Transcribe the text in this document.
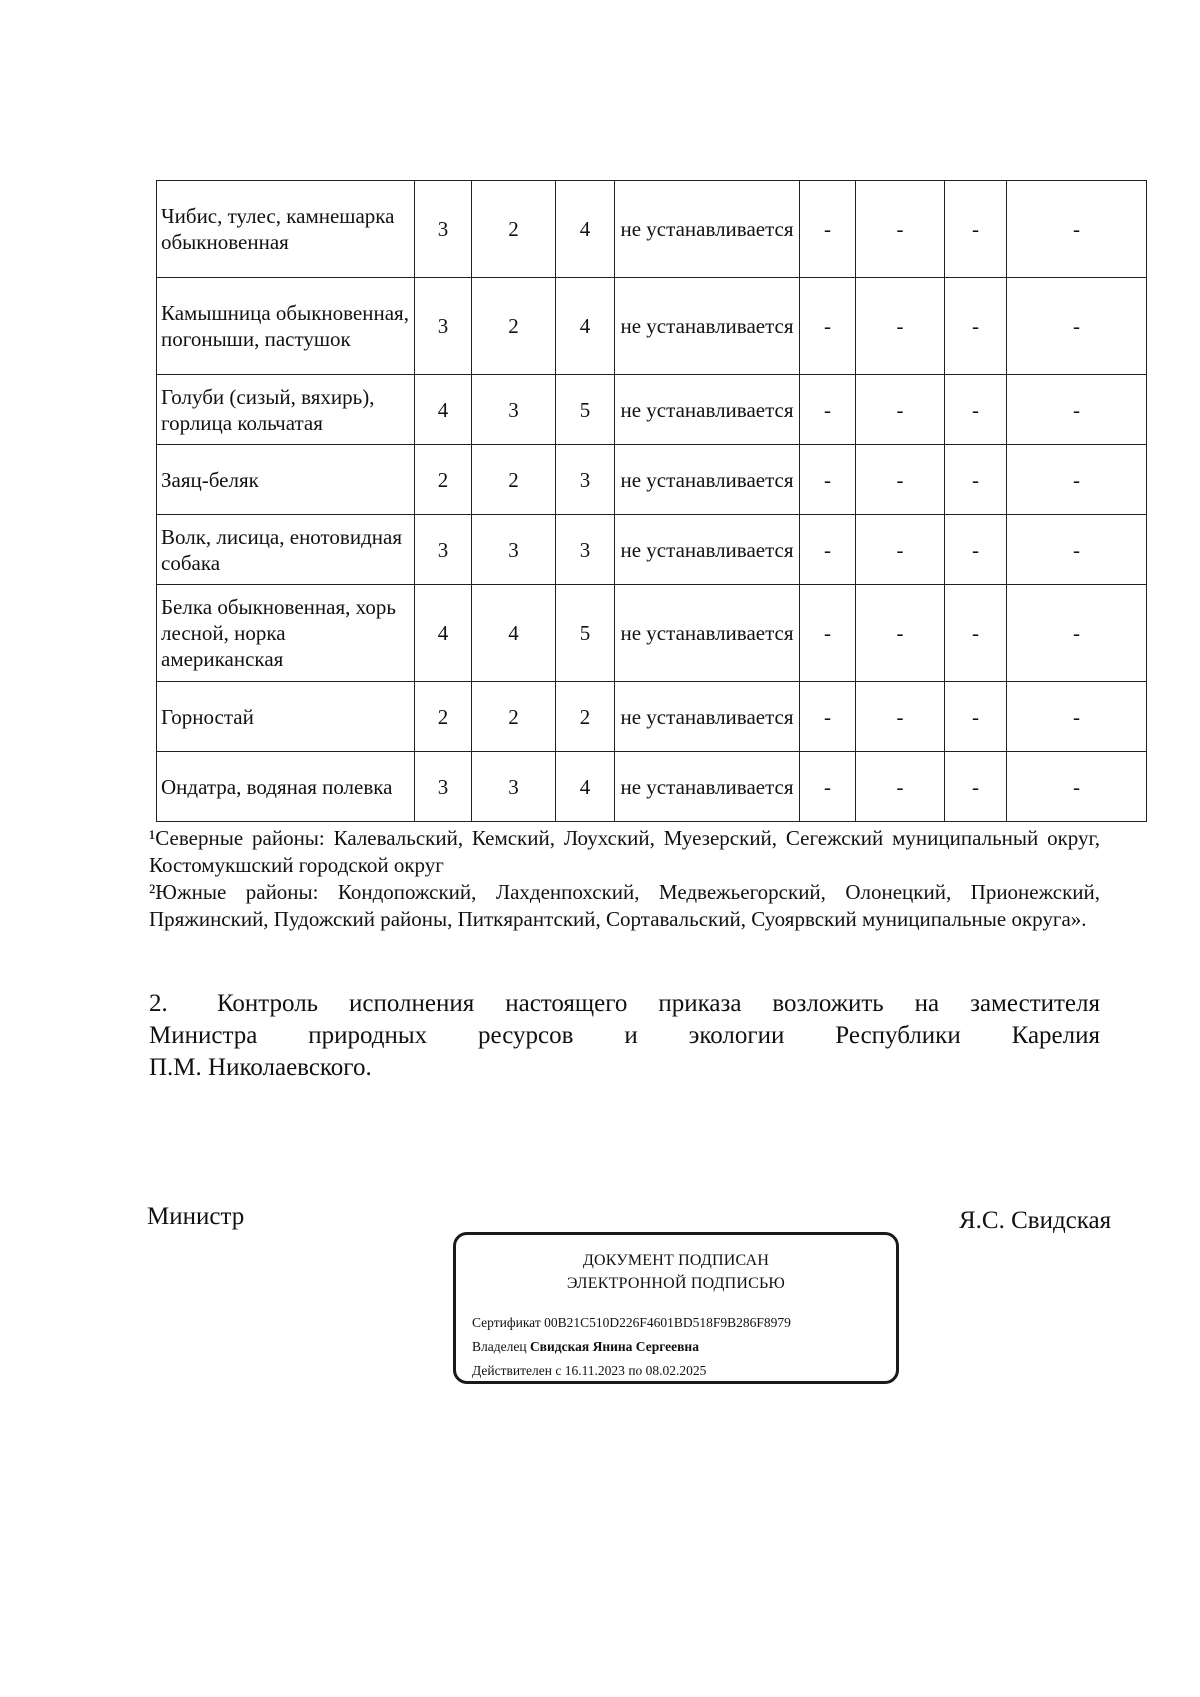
Чибис, тулес, камнешарка обыкновенная	3	2	4	не устанавливается	-	-	-	-
Камышница обыкновенная, погоныши, пастушок	3	2	4	не устанавливается	-	-	-	-
Голуби (сизый, вяхирь), горлица кольчатая	4	3	5	не устанавливается	-	-	-	-
Заяц-беляк	2	2	3	не устанавливается	-	-	-	-
Волк, лисица, енотовидная собака	3	3	3	не устанавливается	-	-	-	-
Белка обыкновенная, хорь лесной, норка американская	4	4	5	не устанавливается	-	-	-	-
Горностай	2	2	2	не устанавливается	-	-	-	-
Ондатра, водяная полевка	3	3	4	не устанавливается	-	-	-	-

¹Северные районы: Калевальский, Кемский, Лоухский, Муезерский, Сегежский муниципальный округ, Костомукшский городской округ

²Южные районы: Кондопожский, Лахденпохский, Медвежьегорский, Олонецкий, Прионежский, Пряжинский, Пудожский районы, Питкярантский, Сортавальский, Суоярвский муниципальные округа».

2. Контроль исполнения настоящего приказа возложить на заместителя

Министра природных ресурсов и экологии Республики Карелия

П.М. Николаевского.

Министр	Я.С. Свидская
ДОКУМЕНТ ПОДПИСАН
ЭЛЕКТРОННОЙ ПОДПИСЬЮ
Сертификат 00B21C510D226F4601BD518F9B286F8979
Владелец Свидская Янина Сергеевна
Действителен с 16.11.2023 по 08.02.2025
